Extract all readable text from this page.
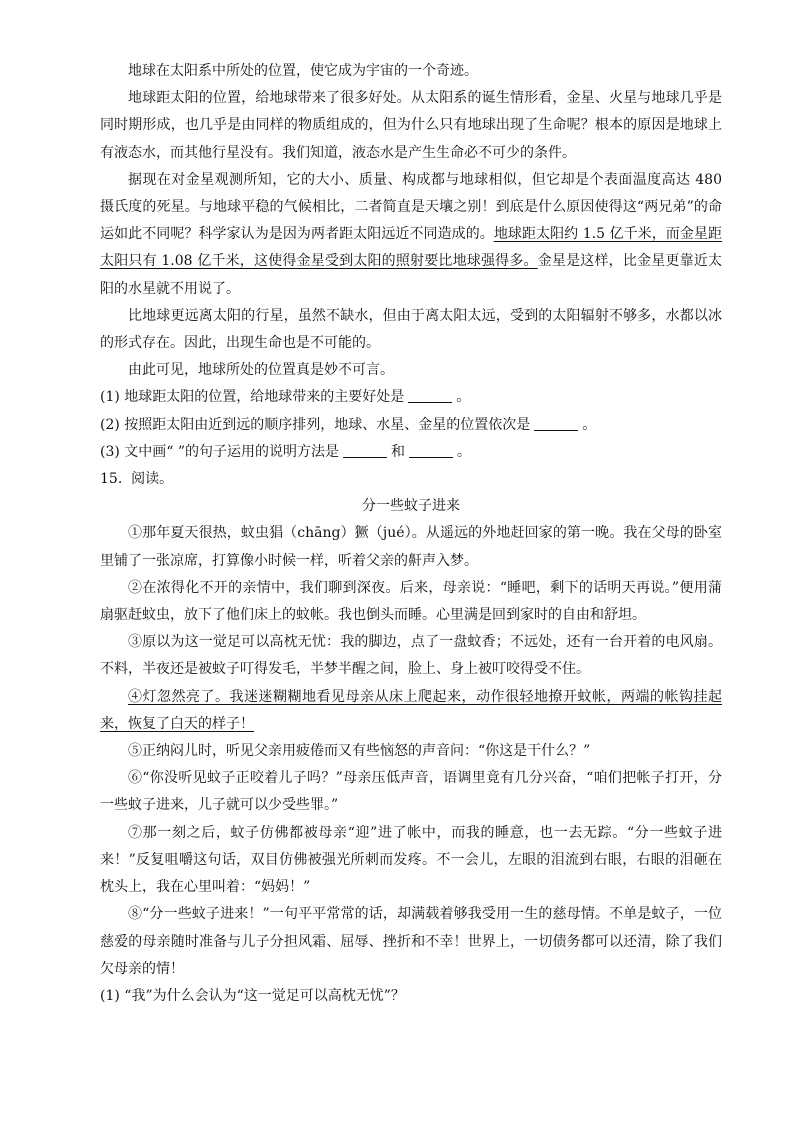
地球在太阳系中所处的位置，使它成为宇宙的一个奇迹。

地球距太阳的位置，给地球带来了很多好处。从太阳系的诞生情形看，金星、火星与地球几乎是同时期形成，也几乎是由同样的物质组成的，但为什么只有地球出现了生命呢？根本的原因是地球上有液态水，而其他行星没有。我们知道，液态水是产生生命必不可少的条件。

据现在对金星观测所知，它的大小、质量、构成都与地球相似，但它却是个表面温度高达 480 摄氏度的死星。与地球平稳的气候相比，二者简直是天壤之别！到底是什么原因使得这“两兄弟”的命运如此不同呢？科学家认为是因为两者距太阳远近不同造成的。地球距太阳约 1.5 亿千米，而金星距太阳只有 1.08 亿千米，这使得金星受到太阳的照射要比地球强得多。金星是这样，比金星更靠近太阳的水星就不用说了。

比地球更远离太阳的行星，虽然不缺水，但由于离太阳太远，受到的太阳辐射不够多，水都以冰的形式存在。因此，出现生命也是不可能的。

由此可见，地球所处的位置真是妙不可言。

(1) 地球距太阳的位置，给地球带来的主要好处是	。

(2) 按照距太阳由近到远的顺序排列，地球、水星、金星的位置依次是	。

(3) 文中画“ ”的句子运用的说明方法是	和	。

15. 阅读。

分一些蚊子进来

①那年夏天很热，蚊虫猖（chāng）獗（jué）。从遥远的外地赶回家的第一晚。我在父母的卧室里铺了一张凉席，打算像小时候一样，听着父亲的鼾声入梦。

②在浓得化不开的亲情中，我们聊到深夜。后来，母亲说：“睡吧，剩下的话明天再说。”便用蒲扇驱赶蚊虫，放下了他们床上的蚊帐。我也倒头而睡。心里满是回到家时的自由和舒坦。

③原以为这一觉足可以高枕无忧：我的脚边，点了一盘蚊香；不远处，还有一台开着的电风扇。不料，半夜还是被蚊子叮得发毛，半梦半醒之间，脸上、身上被叮咬得受不住。

④灯忽然亮了。我迷迷糊糊地看见母亲从床上爬起来，动作很轻地撩开蚊帐，两端的帐钩挂起来，恢复了白天的样子！

⑤正纳闷儿时，听见父亲用疲倦而又有些恼怒的声音问：“你这是干什么？”

⑥“你没听见蚊子正咬着儿子吗？”母亲压低声音，语调里竟有几分兴奋，“咱们把帐子打开，分一些蚊子进来，儿子就可以少受些罪。”

⑦那一刻之后，蚊子仿佛都被母亲“迎”进了帐中，而我的睡意，也一去无踪。“分一些蚊子进来！”反复咀嚼这句话，双目仿佛被强光所刺而发疼。不一会儿，左眼的泪流到右眼，右眼的泪砸在枕头上，我在心里叫着：“妈妈！”

⑧“分一些蚊子进来！”一句平平常常的话，却满载着够我受用一生的慈母情。不单是蚊子，一位慈爱的母亲随时准备与儿子分担风霜、屈辱、挫折和不幸！世界上，一切债务都可以还清，除了我们欠母亲的情！

(1) “我”为什么会认为“这一觉足可以高枕无忧”？
